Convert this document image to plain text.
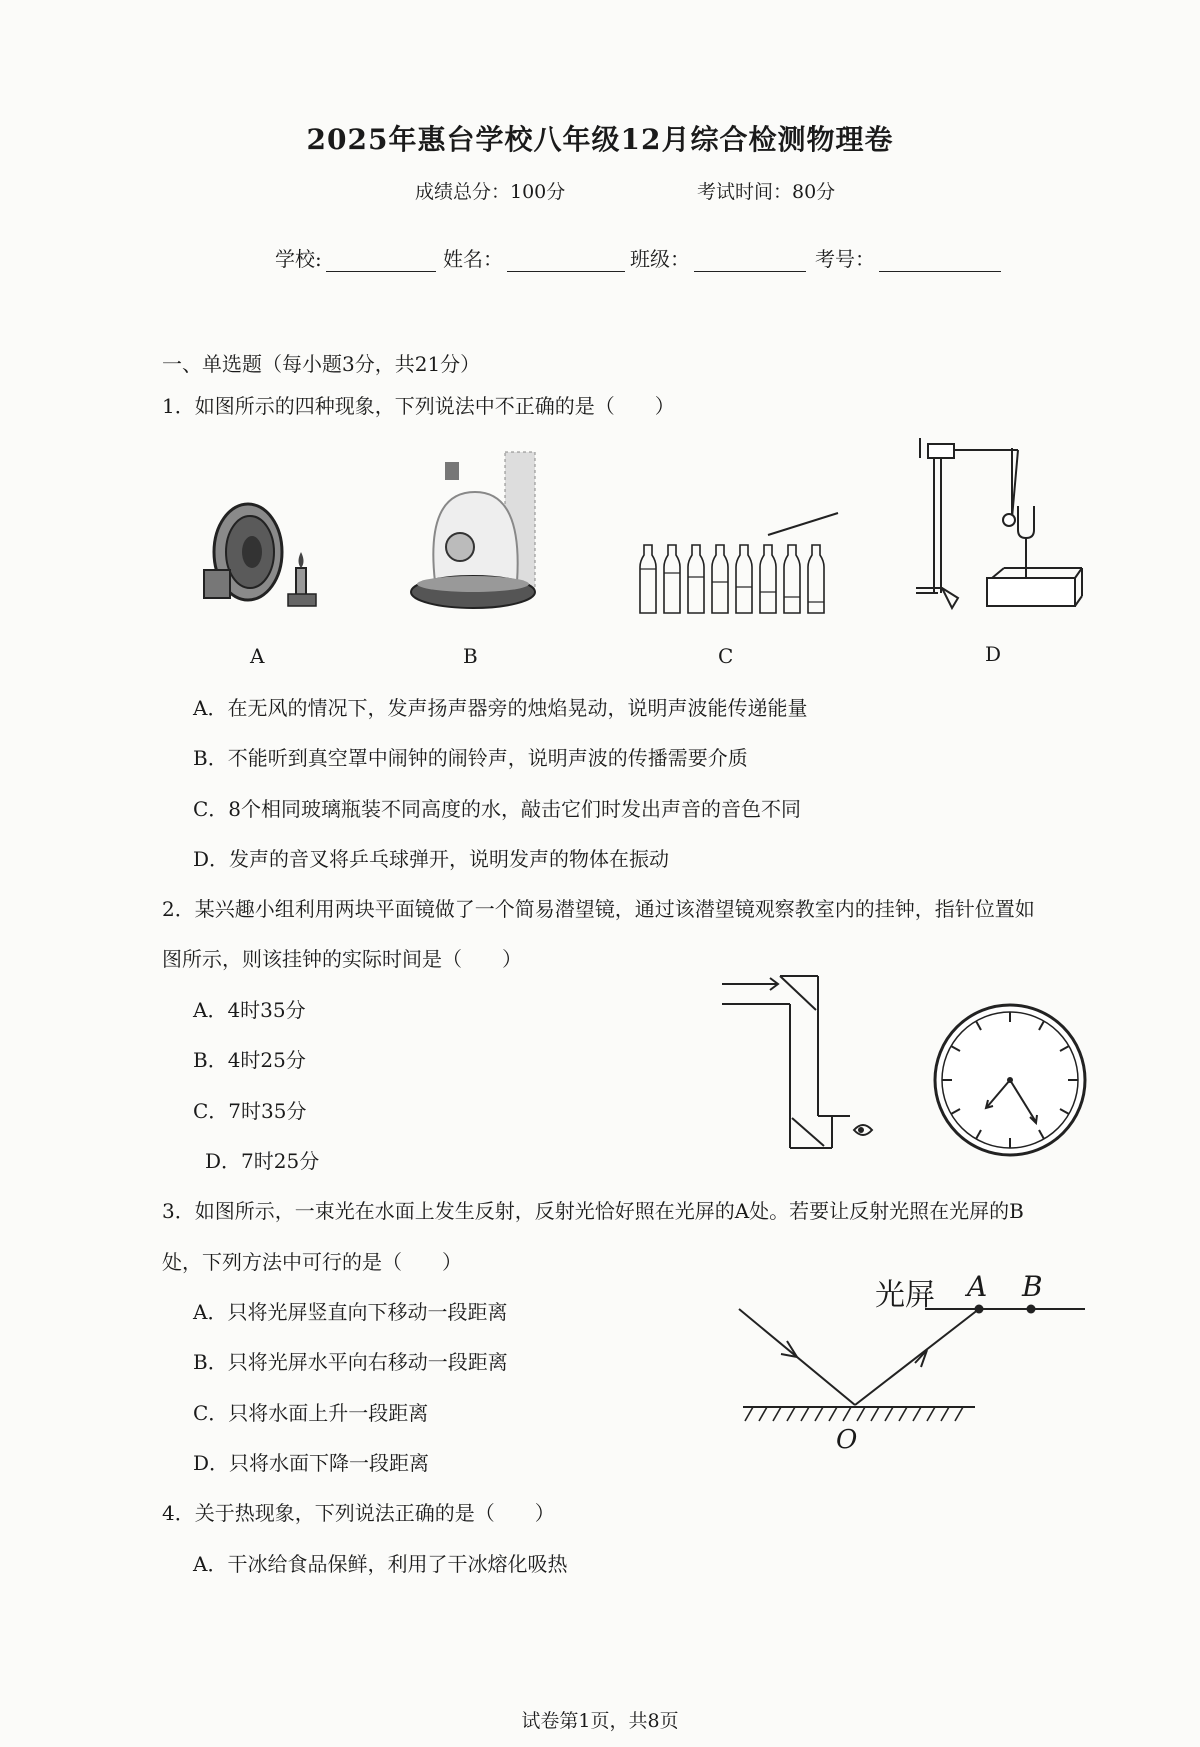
2025年惠台学校八年级12月综合检测物理卷
成绩总分：100分	考试时间：80分
学校:	姓名：	班级：	考号：
一、单选题（每小题3分，共21分）
1．如图所示的四种现象，下列说法中不正确的是（　　）
A	B	C	D
A．在无风的情况下，发声扬声器旁的烛焰晃动，说明声波能传递能量
B．不能听到真空罩中闹钟的闹铃声，说明声波的传播需要介质
C．8个相同玻璃瓶装不同高度的水，敲击它们时发出声音的音色不同
D．发声的音叉将乒乓球弹开，说明发声的物体在振动
2．某兴趣小组利用两块平面镜做了一个简易潜望镜，通过该潜望镜观察教室内的挂钟，指针位置如
图所示，则该挂钟的实际时间是（　　）
A．4时35分
B．4时25分
C．7时35分
D．7时25分
3．如图所示，一束光在水面上发生反射，反射光恰好照在光屏的A处。若要让反射光照在光屏的B
处，下列方法中可行的是（　　）
A．只将光屏竖直向下移动一段距离
B．只将光屏水平向右移动一段距离
C．只将水面上升一段距离
D．只将水面下降一段距离
光屏 A B
O
4．关于热现象，下列说法正确的是（　　）
A．干冰给食品保鲜，利用了干冰熔化吸热
试卷第1页，共8页
